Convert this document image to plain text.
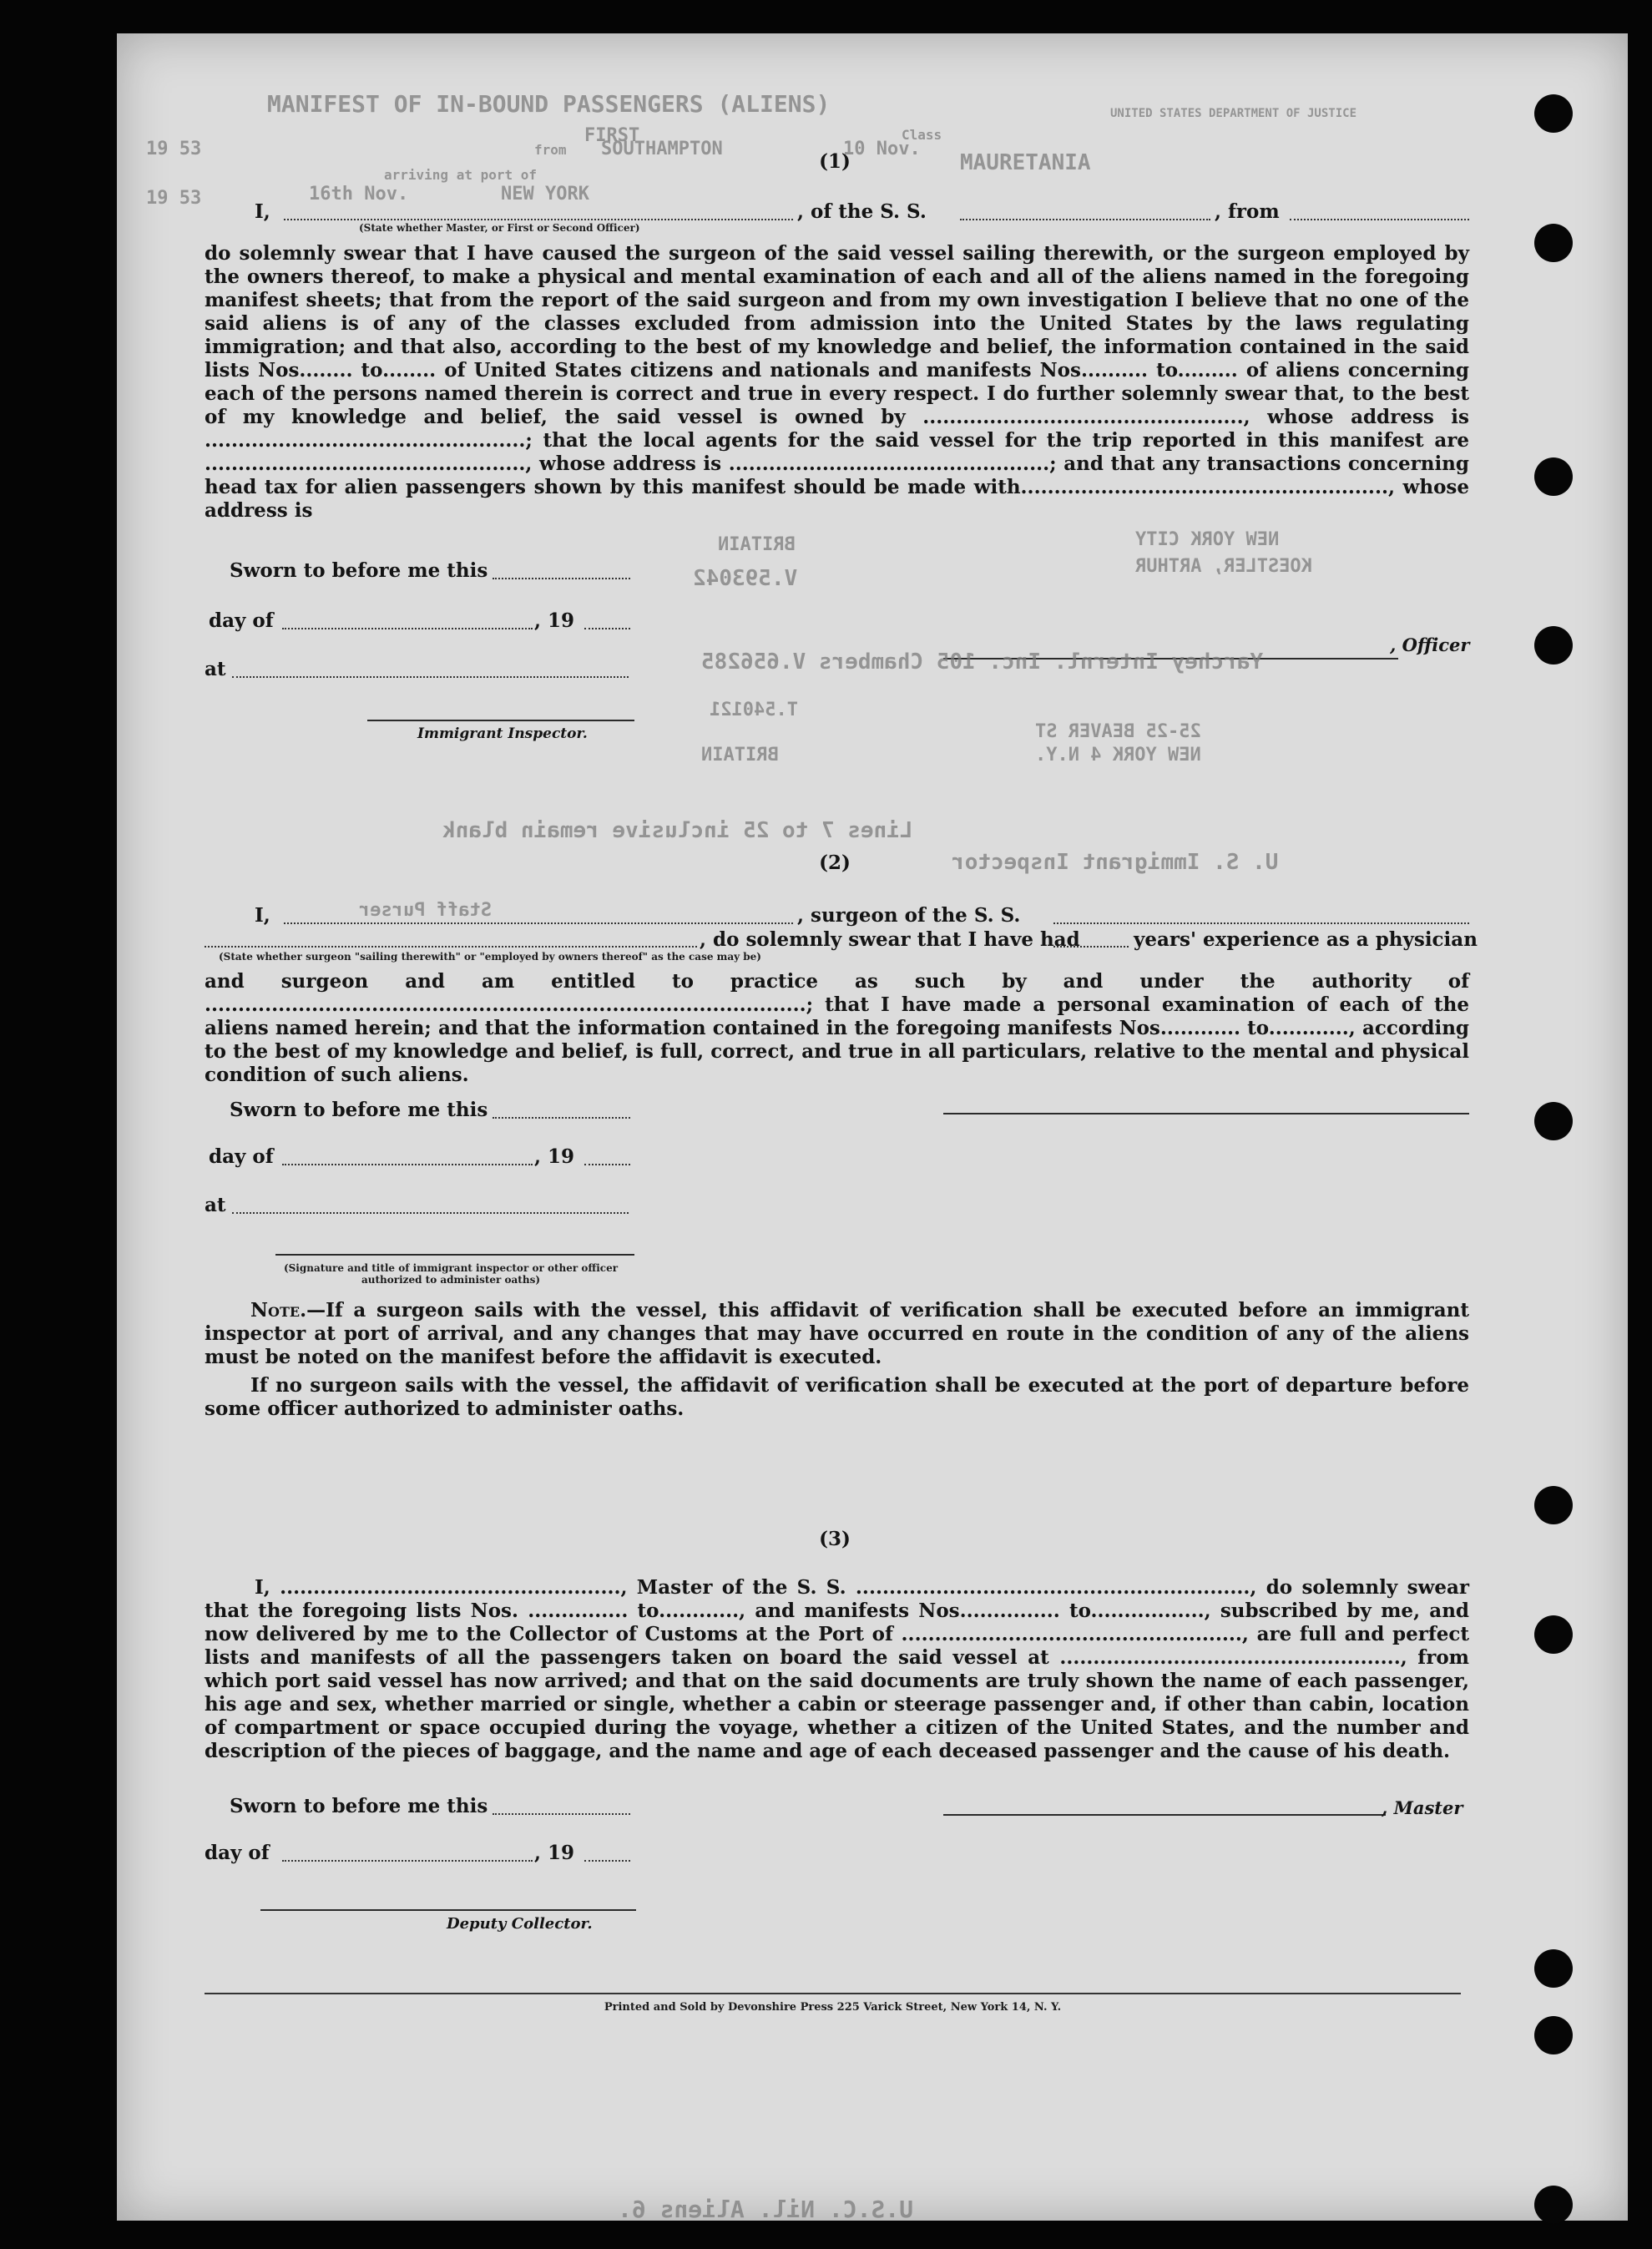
MANIFEST OF IN-BOUND PASSENGERS (ALIENS)
Class
FIRST
from SOUTHAMPTON	10 Nov.
19 53
arriving at port of
NEW YORK
16th Nov.
19 53
MAURETANIA
UNITED STATES DEPARTMENT OF JUSTICE
(1)
I,	, of the S. S.	, from
(State whether Master, or First or Second Officer)
do solemnly swear that I have caused the surgeon of the said vessel sailing therewith, or the surgeon employed by the owners thereof, to make a physical and mental examination of each and all of the aliens named in the foregoing manifest sheets; that from the report of the said surgeon and from my own investigation I believe that no one of the said aliens is of any of the classes excluded from admission into the United States by the laws regulating immigration; and that also, according to the best of my knowledge and belief, the information contained in the said lists Nos........ to........ of United States citizens and nationals and manifests Nos.......... to......... of aliens concerning each of the persons named therein is correct and true in every respect. I do further solemnly swear that, to the best of my knowledge and belief, the said vessel is owned by ................................................, whose address is ................................................; that the local agents for the said vessel for the trip reported in this manifest are ................................................, whose address is ................................................; and that any transactions concerning head tax for alien passengers shown by this manifest should be made with......................................................., whose address is
Sworn to before me this
day of	, 19
at
Immigrant Inspector.
, Officer
V.593042
BRITAIN
KOESTLER, ARTHUR
Yarchey Internl. Inc. 105 Chambers V.656285
T.540121
BRITAIN
NEW YORK CITY
25-25 BEAVER ST
NEW YORK 4 N.Y.
Lines 7 to 25 inclusive remain blank
U. S. Immigrant Inspector
Staff Purser
(2)
I,	, surgeon of the S. S.
, do solemnly swear that I have had	years' experience as a physician
(State whether surgeon "sailing therewith" or "employed by owners thereof" as the case may be)
and surgeon and am entitled to practice as such by and under the authority of ..........................................................................................; that I have made a personal examination of each of the aliens named herein; and that the information contained in the foregoing manifests Nos............ to............, according to the best of my knowledge and belief, is full, correct, and true in all particulars, relative to the mental and physical condition of such aliens.
Sworn to before me this
day of	, 19
at
(Signature and title of immigrant inspector or other officer authorized to administer oaths)
Note.—If a surgeon sails with the vessel, this affidavit of verification shall be executed before an immigrant inspector at port of arrival, and any changes that may have occurred en route in the condition of any of the aliens must be noted on the manifest before the affidavit is executed.
If no surgeon sails with the vessel, the affidavit of verification shall be executed at the port of departure before some officer authorized to administer oaths.
(3)
I, ..................................................., Master of the S. S. ..........................................................., do solemnly swear that the foregoing lists Nos. ............... to............, and manifests Nos............... to................., subscribed by me, and now delivered by me to the Collector of Customs at the Port of ..................................................., are full and perfect lists and manifests of all the passengers taken on board the said vessel at ..................................................., from which port said vessel has now arrived; and that on the said documents are truly shown the name of each passenger, his age and sex, whether married or single, whether a cabin or steerage passenger and, if other than cabin, location of compartment or space occupied during the voyage, whether a citizen of the United States, and the number and description of the pieces of baggage, and the name and age of each deceased passenger and the cause of his death.
Sworn to before me this	, Master
day of	, 19
Deputy Collector.
Printed and Sold by Devonshire Press 225 Varick Street, New York 14, N. Y.
U.S.C. Nil. Aliens 6.
